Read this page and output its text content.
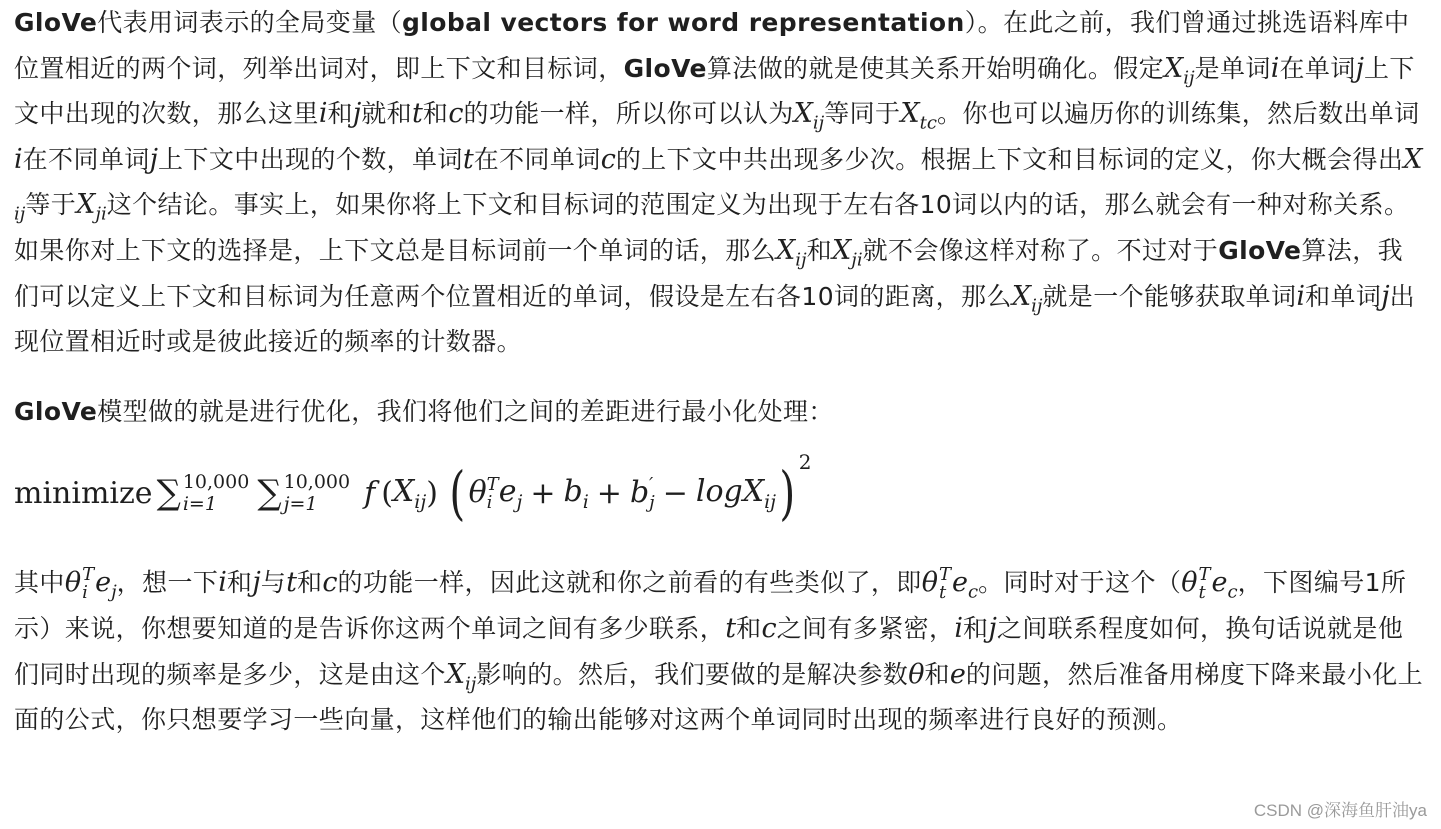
GloVe代表用词表示的全局变量（global vectors for word representation）。在此之前，我们曾通过挑选语料库中位置相近的两个词，列举出词对，即上下文和目标词，GloVe算法做的就是使其关系开始明确化。假定$X_{ij}$是单词i在单词j上下文中出现的次数，那么这里i和j就和t和c的功能一样，所以你可以认为$X_{ij}$等同于$X_{tc}$。你也可以遍历你的训练集，然后数出单词i在不同单词j上下文中出现的个数，单词t在不同单词c的上下文中共出现多少次。根据上下文和目标词的定义，你大概会得出$X_{ij}$等于$X_{ji}$这个结论。事实上，如果你将上下文和目标词的范围定义为出现于左右各10词以内的话，那么就会有一种对称关系。如果你对上下文的选择是，上下文总是目标词前一个单词的话，那么$X_{ij}$和$X_{ji}$就不会像这样对称了。不过对于GloVe算法，我们可以定义上下文和目标词为任意两个位置相近的单词，假设是左右各10词的距离，那么$X_{ij}$就是一个能够获取单词i和单词j出现位置相近时或是彼此接近的频率的计数器。

GloVe模型做的就是进行优化，我们将他们之间的差距进行最小化处理：

minimize ∑ 10,000
i=1	∑ 10,000
j=1	f ( $X_{ij}$ ) ( θ T
i $e_j + b_i + b$ ′
j − logX$_{ij}$ ) 2

其中θ T
i $e_j$，想一下i和j与t和c的功能一样，因此这就和你之前看的有些类似了，即θ T
t $e_c$。同时对于这个（θ T
t $e_c$，下图编号1所示）来说，你想要知道的是告诉你这两个单词之间有多少联系，t和c之间有多紧密，i和j之间联系程度如何，换句话说就是他们同时出现的频率是多少，这是由这个$X_{ij}$影响的。然后，我们要做的是解决参数θ和e的问题，然后准备用梯度下降来最小化上面的公式，你只想要学习一些向量，这样他们的输出能够对这两个单词同时出现的频率进行良好的预测。

CSDN @深海鱼肝油ya
